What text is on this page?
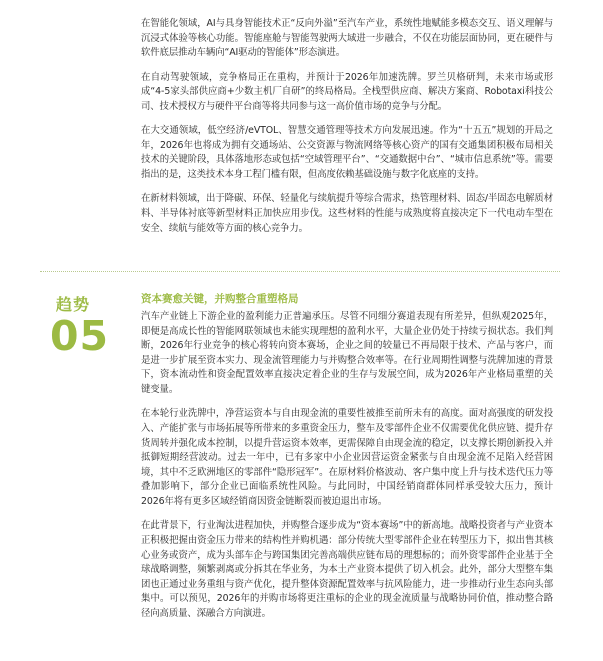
在智能化领域，AI与具身智能技术正“反向外溢”至汽车产业，系统性地赋能多模态交互、语义理解与沉浸式体验等核心功能。智能座舱与智能驾驶两大域进一步融合，不仅在功能层面协同，更在硬件与软件底层推动车辆向“AI驱动的智能体”形态演进。

在自动驾驶领域，竞争格局正在重构，并预计于2026年加速洗牌。罗兰贝格研判，未来市场或形成“4-5家头部供应商+少数主机厂自研”的终局格局。全栈型供应商、解决方案商、Robotaxi科技公司、技术授权方与硬件平台商等将共同参与这一高价值市场的竞争与分配。

在大交通领域，低空经济/eVTOL、智慧交通管理等技术方向发展迅速。作为“十五五”规划的开局之年，2026年也将成为拥有交通场站、公交资源与物流网络等核心资产的国有交通集团积极布局相关技术的关键阶段，具体落地形态或包括“空域管理平台”、“交通数据中台”、“城市信息系统”等。需要指出的是，这类技术本身工程门槛有限，但高度依赖基础设施与数字化底座的支持。

在新材料领域，出于降碳、环保、轻量化与续航提升等综合需求，热管理材料、固态/半固态电解质材料、半导体衬底等新型材料正加快应用步伐。这些材料的性能与成熟度将直接决定下一代电动车型在安全、续航与能效等方面的核心竞争力。

趋势
05
资本赛愈关键，并购整合重塑格局

汽车产业链上下游企业的盈利能力正普遍承压。尽管不同细分赛道表现有所差异，但纵观2025年，即便是高成长性的智能网联领域也未能实现理想的盈利水平，大量企业仍处于持续亏损状态。我们判断，2026年行业竞争的核心将转向资本赛场，企业之间的较量已不再局限于技术、产品与客户，而是进一步扩展至资本实力、现金流管理能力与并购整合效率等。在行业周期性调整与洗牌加速的背景下，资本流动性和资金配置效率直接决定着企业的生存与发展空间，成为2026年产业格局重塑的关键变量。

在本轮行业洗牌中，净营运资本与自由现金流的重要性被推至前所未有的高度。面对高强度的研发投入、产能扩张与市场拓展等所带来的多重资金压力，整车及零部件企业不仅需要优化供应链、提升存货周转并强化成本控制，以提升营运资本效率，更需保障自由现金流的稳定，以支撑长期创新投入并抵御短期经营波动。过去一年中，已有多家中小企业因营运资金紧张与自由现金流不足陷入经营困境，其中不乏欧洲地区的零部件“隐形冠军”。在原材料价格波动、客户集中度上升与技术迭代压力等叠加影响下，部分企业已面临系统性风险。与此同时，中国经销商群体同样承受较大压力，预计2026年将有更多区域经销商因资金链断裂而被迫退出市场。

在此背景下，行业淘汰进程加快，并购整合逐步成为“资本赛场”中的新高地。战略投资者与产业资本正积极把握由资金压力带来的结构性并购机遇：部分传统大型零部件企业在转型压力下，拟出售其核心业务或资产，成为头部车企与跨国集团完善高端供应链布局的理想标的；而外资零部件企业基于全球战略调整，频繁剥离或分拆其在华业务，为本土产业资本提供了切入机会。此外，部分大型整车集团也正通过业务重组与资产优化，提升整体资源配置效率与抗风险能力，进一步推动行业生态向头部集中。可以预见，2026年的并购市场将更注重标的企业的现金流质量与战略协同价值，推动整合路径向高质量、深融合方向演进。
